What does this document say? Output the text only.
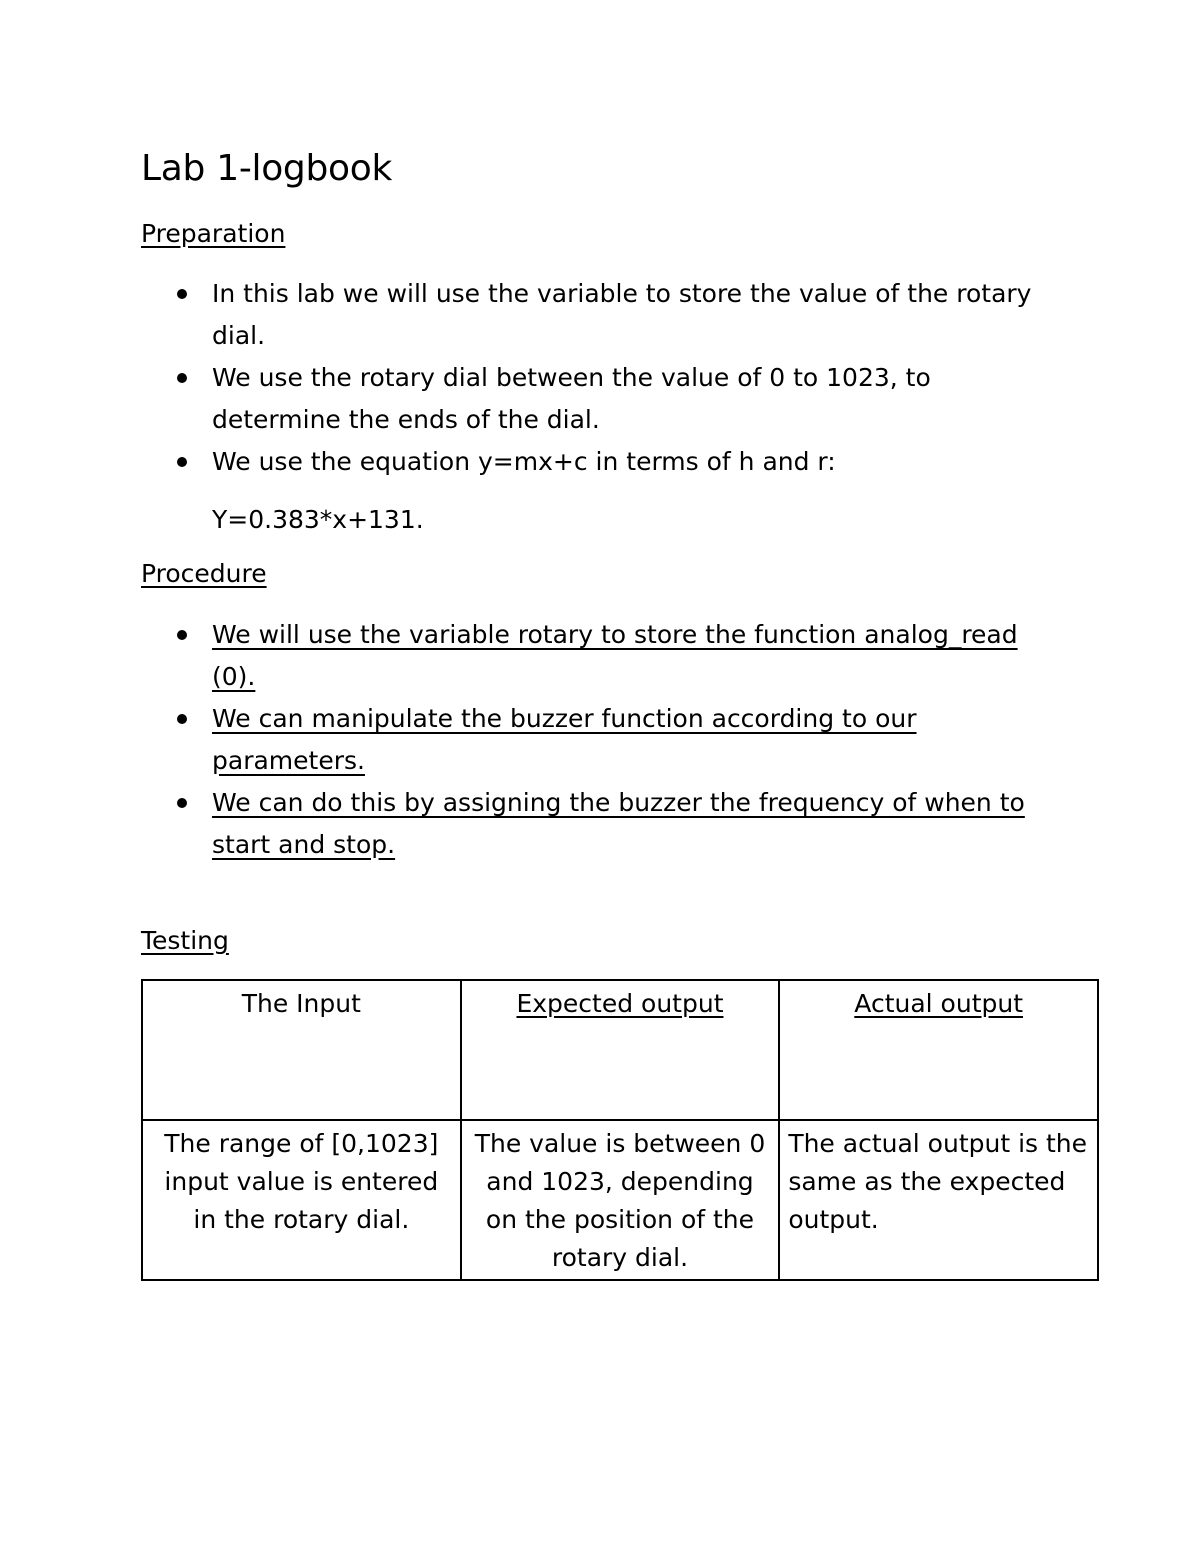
Lab 1-logbook
Preparation
In this lab we will use the variable to store the value of the rotary dial.
We use the rotary dial between the value of 0 to 1023, to determine the ends of the dial.
We use the equation y=mx+c in terms of h and r:
Y=0.383*x+131.
Procedure
We will use the variable rotary to store the function analog_read (0).
We can manipulate the buzzer function according to our parameters.
We can do this by assigning the buzzer the frequency of when to start and stop.
Testing
The Input	Expected output	Actual output
The range of [0,1023] input value is entered in the rotary dial.	The value is between 0 and 1023, depending on the position of the rotary dial.	The actual output is the same as the expected output.
